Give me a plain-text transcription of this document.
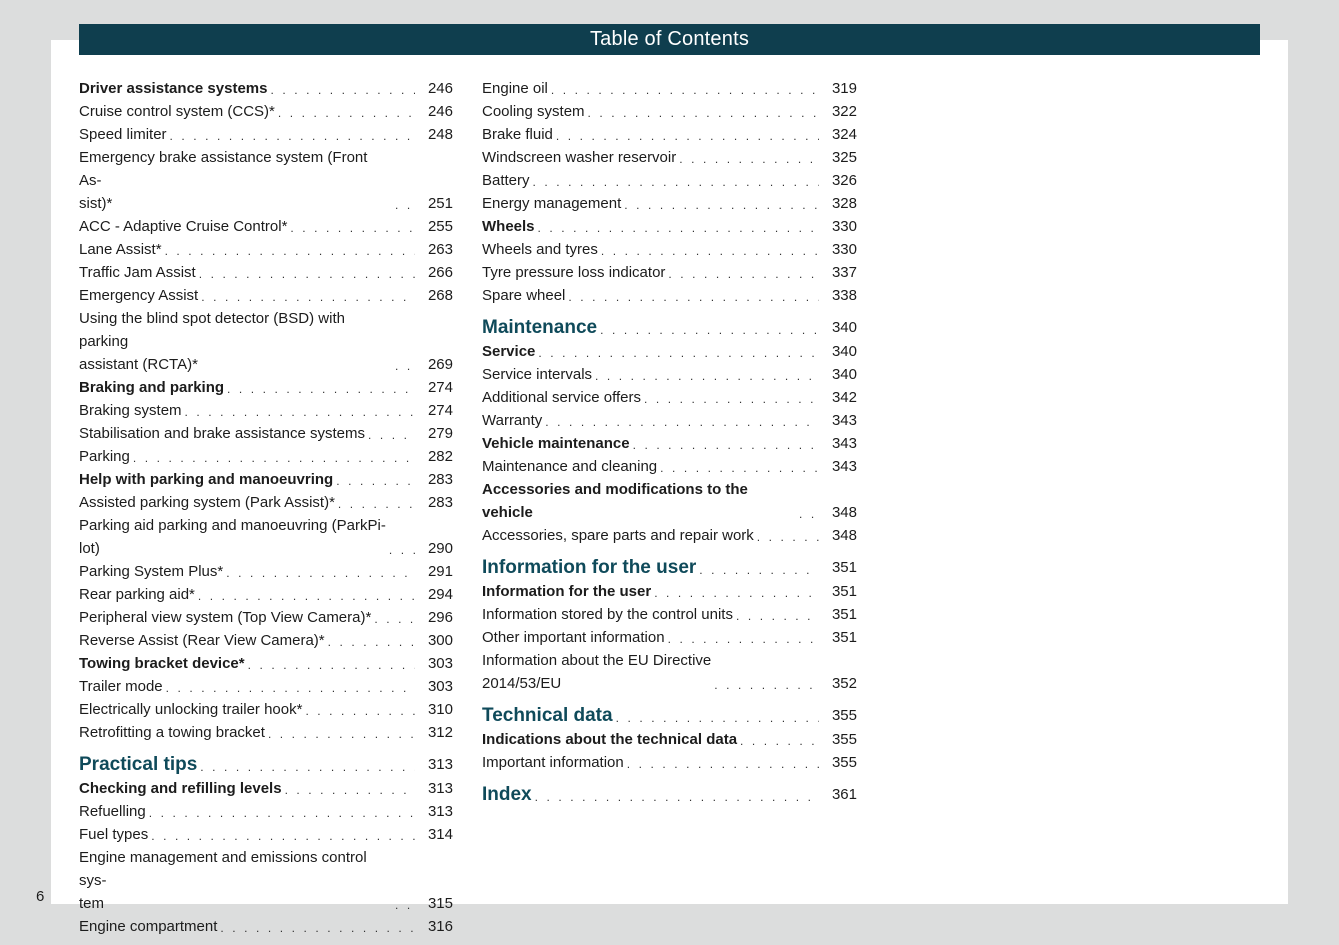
Table of Contents
Driver assistance systems . . .	246
Cruise control system (CCS)* . . .	246
Speed limiter . . .	248
Emergency brake assistance system (Front As-
sist)* . . .	251
ACC - Adaptive Cruise Control* . . .	255
Lane Assist* . . .	263
Traffic Jam Assist . . .	266
Emergency Assist . . .	268
Using the blind spot detector (BSD) with parking
assistant (RCTA)* . . .	269
Braking and parking . . .	274
Braking system . . .	274
Stabilisation and brake assistance systems . . .	279
Parking . . .	282
Help with parking and manoeuvring . . .	283
Assisted parking system (Park Assist)* . . .	283
Parking aid parking and manoeuvring (ParkPi-
lot) . . .	290
Parking System Plus* . . .	291
Rear parking aid* . . .	294
Peripheral view system (Top View Camera)* . . .	296
Reverse Assist (Rear View Camera)* . . .	300
Towing bracket device* . . .	303
Trailer mode . . .	303
Electrically unlocking trailer hook* . . .	310
Retrofitting a towing bracket . . .	312
Practical tips . . .	313
Checking and refilling levels . . .	313
Refuelling . . .	313
Fuel types . . .	314
Engine management and emissions control sys-
tem . . .	315
Engine compartment . . .	316
Engine oil . . .	319
Cooling system . . .	322
Brake fluid . . .	324
Windscreen washer reservoir . . .	325
Battery . . .	326
Energy management . . .	328
Wheels . . .	330
Wheels and tyres . . .	330
Tyre pressure loss indicator . . .	337
Spare wheel . . .	338
Maintenance . . .	340
Service . . .	340
Service intervals . . .	340
Additional service offers . . .	342
Warranty . . .	343
Vehicle maintenance . . .	343
Maintenance and cleaning . . .	343
Accessories and modifications to the vehicle . . .	348
Accessories, spare parts and repair work . . .	348
Information for the user . . .	351
Information for the user . . .	351
Information stored by the control units . . .	351
Other important information . . .	351
Information about the EU Directive
2014/53/EU . . .	352
Technical data . . .	355
Indications about the technical data . . .	355
Important information . . .	355
Index . . .	361
6
